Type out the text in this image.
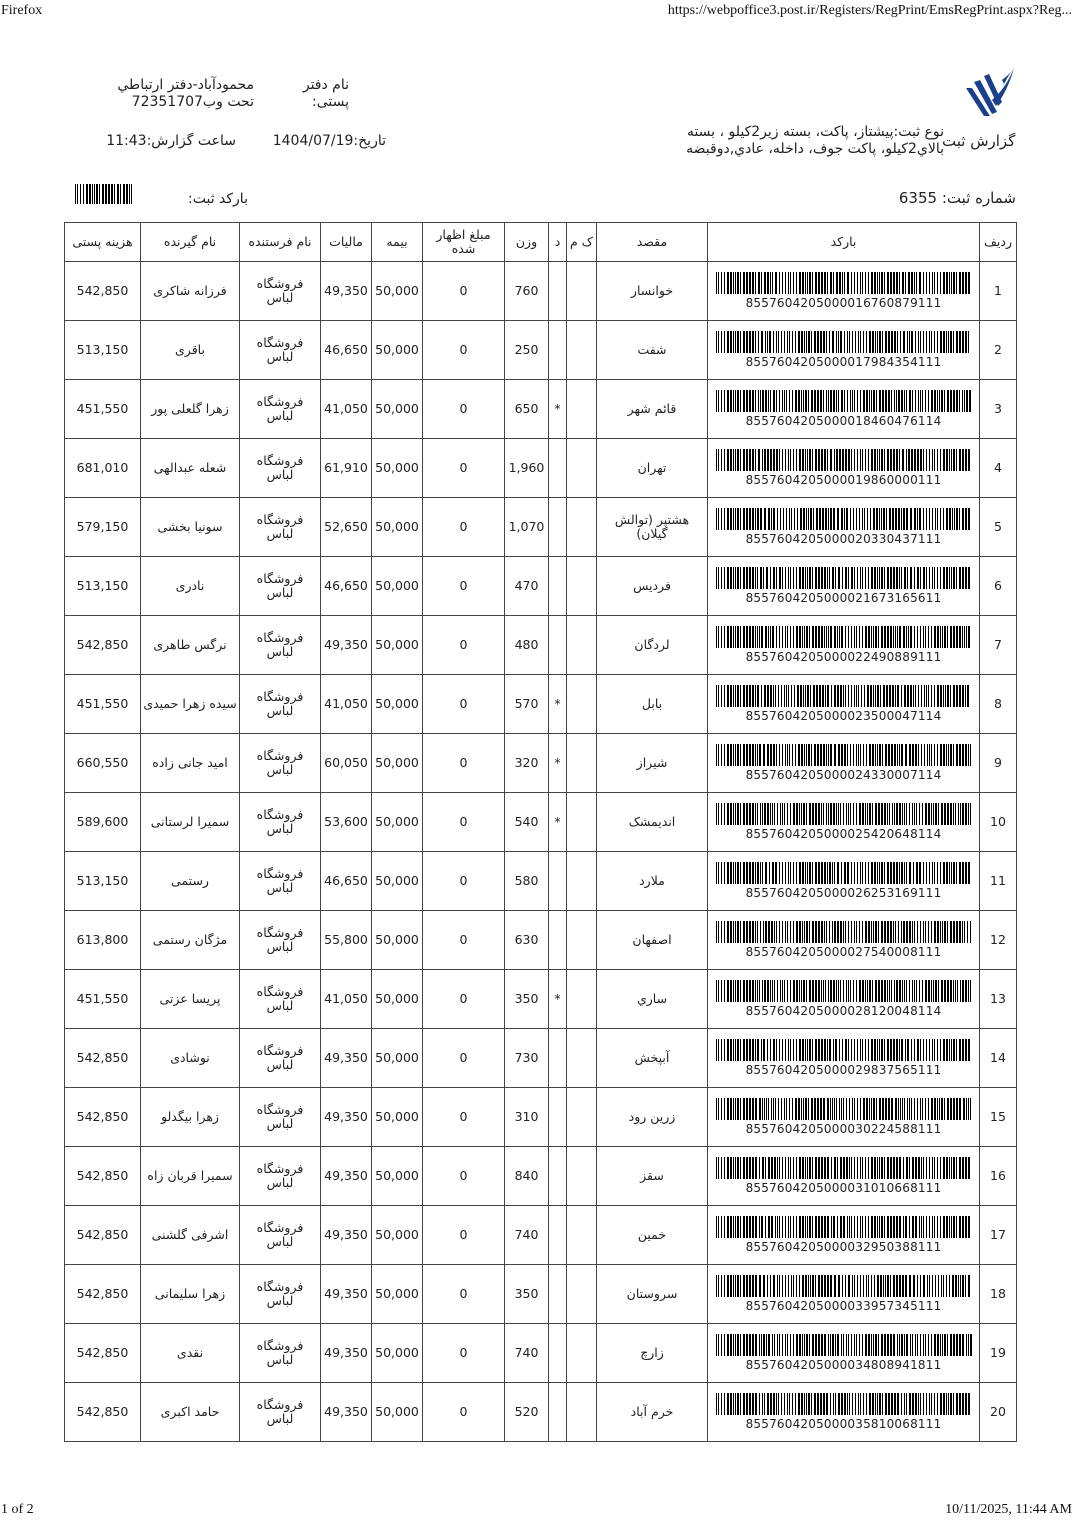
Firefox	https://webpoffice3.post.ir/Registers/RegPrint/EmsRegPrint.aspx?Reg...
گزارش ثبت
نام دفتر
پستی:
محمودآباد-دفتر ارتباطي
تحت وب72351707
نوع ثبت:پیشتاز، پاکت، بسته زیر2کیلو ، بسته بالاي2کیلو، پاکت جوف، داخله، عادي,دوقبضه
تاریخ:1404/07/19
ساعت گزارش:11:43
شماره ثبت: 6355
بارکد ثبت:
ردیف	بارکد	مقصد	ک م	د	وزن	مبلغ اظهار شده	بیمه	مالیات	نام فرستنده	نام گیرنده	هزینه پستی
1	8557604205000016760879111	خوانسار			760	0	50,000	49,350	فروشگاه لباس	فرزانه شاکری	542,850
2	8557604205000017984354111	شفت			250	0	50,000	46,650	فروشگاه لباس	باقری	513,150
3	8557604205000018460476114	قائم شهر		*	650	0	50,000	41,050	فروشگاه لباس	زهرا گلعلی پور	451,550
4	8557604205000019860000111	تهران			1,960	0	50,000	61,910	فروشگاه لباس	شعله عبدالهی	681,010
5	8557604205000020330437111	هشتپر (توالش گیلان)			1,070	0	50,000	52,650	فروشگاه لباس	سونیا بخشی	579,150
6	8557604205000021673165611	فردیس			470	0	50,000	46,650	فروشگاه لباس	نادری	513,150
7	8557604205000022490889111	لردگان			480	0	50,000	49,350	فروشگاه لباس	نرگس طاهری	542,850
8	8557604205000023500047114	بابل		*	570	0	50,000	41,050	فروشگاه لباس	سیده زهرا حمیدی	451,550
9	8557604205000024330007114	شیراز		*	320	0	50,000	60,050	فروشگاه لباس	امید جانی زاده	660,550
10	8557604205000025420648114	اندیمشک		*	540	0	50,000	53,600	فروشگاه لباس	سمیرا لرستانی	589,600
11	8557604205000026253169111	ملارد			580	0	50,000	46,650	فروشگاه لباس	رستمی	513,150
12	8557604205000027540008111	اصفهان			630	0	50,000	55,800	فروشگاه لباس	مژگان رستمی	613,800
13	8557604205000028120048114	ساري		*	350	0	50,000	41,050	فروشگاه لباس	پریسا عزتی	451,550
14	8557604205000029837565111	آبپخش			730	0	50,000	49,350	فروشگاه لباس	نوشادی	542,850
15	8557604205000030224588111	زرین رود			310	0	50,000	49,350	فروشگاه لباس	زهرا بیگدلو	542,850
16	8557604205000031010668111	سقز			840	0	50,000	49,350	فروشگاه لباس	سمیرا قربان زاه	542,850
17	8557604205000032950388111	خمین			740	0	50,000	49,350	فروشگاه لباس	اشرفی گلشنی	542,850
18	8557604205000033957345111	سروستان			350	0	50,000	49,350	فروشگاه لباس	زهرا سلیمانی	542,850
19	8557604205000034808941811	زارچ			740	0	50,000	49,350	فروشگاه لباس	نقدی	542,850
20	8557604205000035810068111	خرم آباد			520	0	50,000	49,350	فروشگاه لباس	حامد اکبری	542,850
1 of 2	10/11/2025, 11:44 AM
